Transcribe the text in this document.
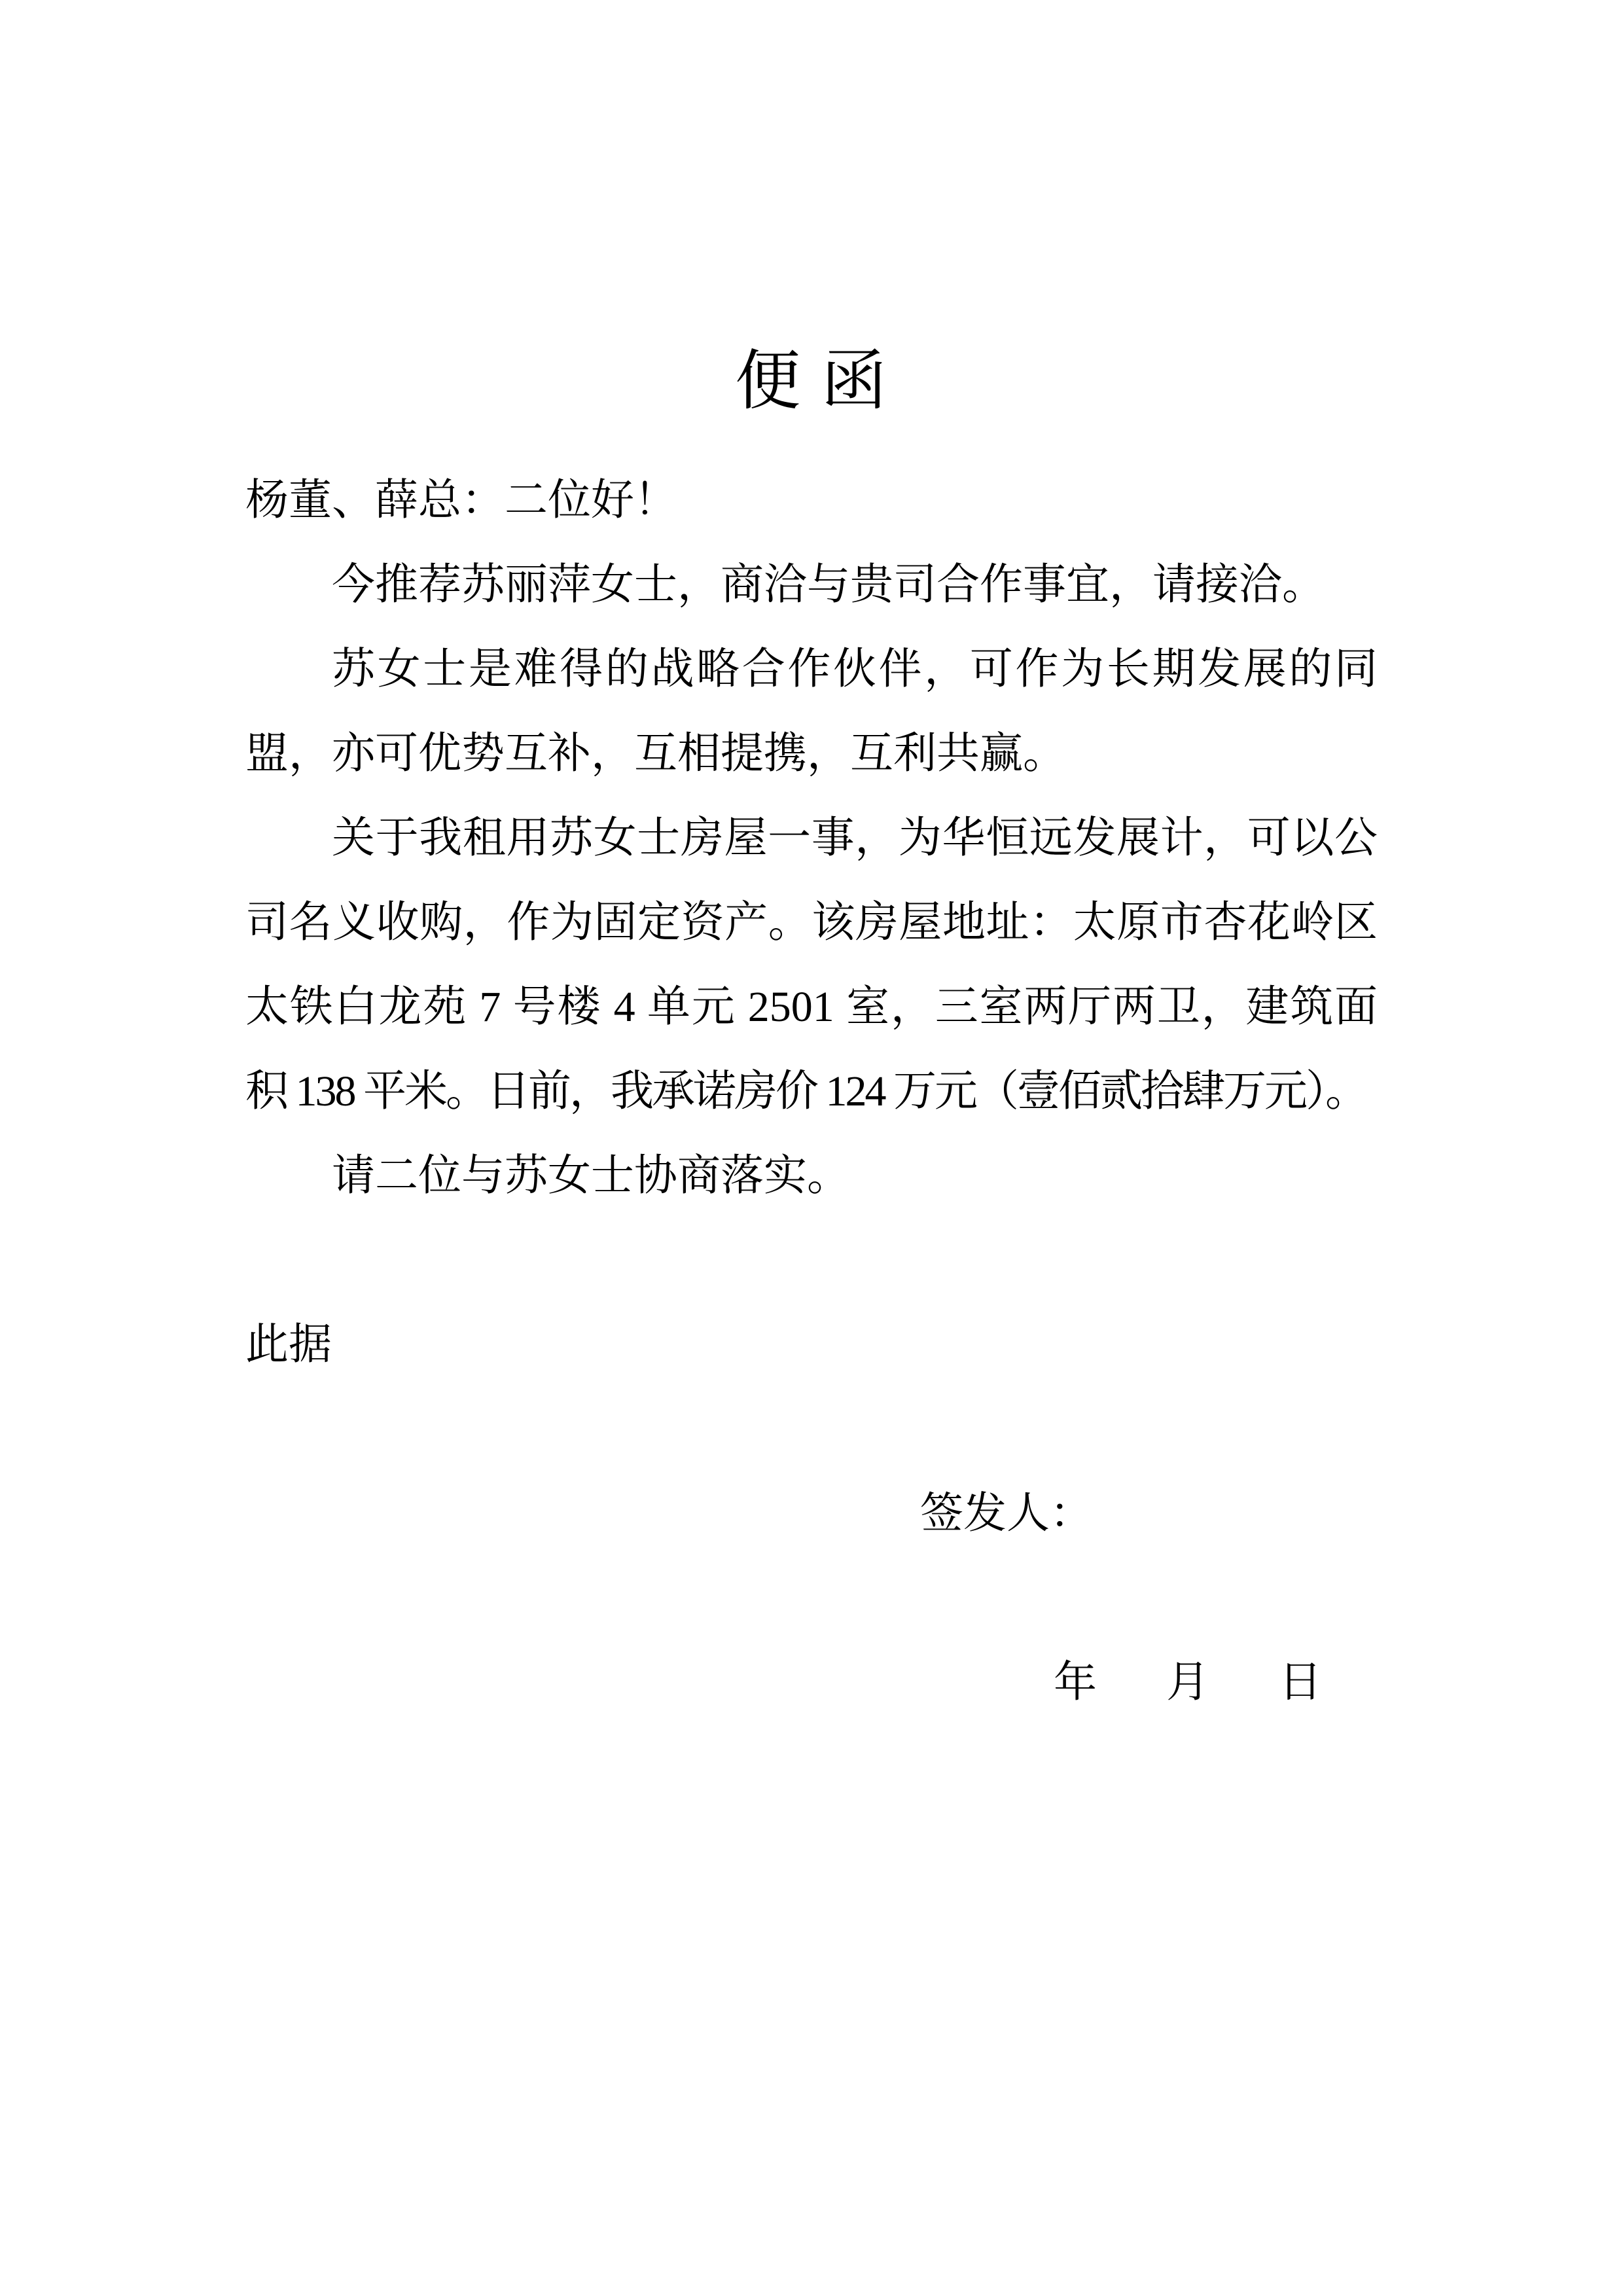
便 函
杨董、薛总：二位好！
今推荐苏丽萍女士，商洽与贵司合作事宜，请接洽。
苏女士是难得的战略合作伙伴，可作为长期发展的同
盟，亦可优势互补，互相提携，互利共赢。
关于我租用苏女士房屋一事，为华恒远发展计，可以公
司名义收购，作为固定资产。该房屋地址：太原市杏花岭区
太铁白龙苑 7 号楼 4 单元 2501 室，三室两厅两卫，建筑面
积 138 平米。日前，我承诺房价 124 万元（壹佰贰拾肆万元）。
请二位与苏女士协商落实。
此据
签发人：
年 月 日
